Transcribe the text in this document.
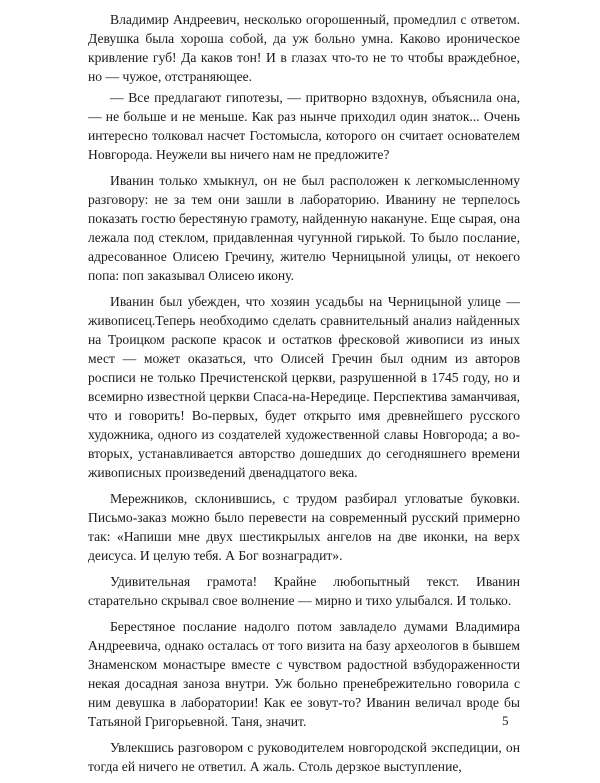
Владимир Андреевич, несколько огорошенный, промедлил с ответом. Девушка была хороша собой, да уж больно умна. Каково ироническое кривление губ! Да каков тон! И в глазах что-то не то чтобы враждебное, но — чужое, отстраняющее.

— Все предлагают гипотезы, — притворно вздохнув, объяснила она, — не больше и не меньше. Как раз нынче приходил один знаток... Очень интересно толковал насчет Гостомысла, которого он считает основателем Новгорода. Неужели вы ничего нам не предложите?

Иванин только хмыкнул, он не был расположен к легкомысленному разговору: не за тем они зашли в лабораторию. Иванину не терпелось показать гостю берестяную грамоту, найденную накануне. Еще сырая, она лежала под стеклом, придавленная чугунной гирькой. То было послание, адресованное Олисею Гречину, жителю Черницыной улицы, от некоего попа: поп заказывал Олисею икону.

Иванин был убежден, что хозяин усадьбы на Черницыной улице — живописец.Теперь необходимо сделать сравнительный анализ найденных на Троицком раскопе красок и остатков фресковой живописи из иных мест — может оказаться, что Олисей Гречин был одним из авторов росписи не только Пречистенской церкви, разрушенной в 1745 году, но и всемирно известной церкви Спаса-на-Нередице. Перспектива заманчивая, что и говорить! Во-первых, будет открыто имя древнейшего русского художника, одного из создателей художественной славы Новгорода; а во-вторых, устанавливается авторство дошедших до сегодняшнего времени живописных произведений двенадцатого века.

Мережников, склонившись, с трудом разбирал угловатые буковки. Письмо-заказ можно было перевести на современный русский примерно так: «Напиши мне двух шестикрылых ангелов на две иконки, на верх деисуса. И целую тебя. А Бог вознаградит».

Удивительная грамота! Крайне любопытный текст. Иванин старательно скрывал свое волнение — мирно и тихо улыбался. И только.

Берестяное послание надолго потом завладело думами Владимира Андреевича, однако осталась от того визита на базу археологов в бывшем Знаменском монастыре вместе с чувством радостной взбудораженности некая досадная заноза внутри. Уж больно пренебрежительно говорила с ним девушка в лаборатории! Как ее зовут-то? Иванин величал вроде бы Татьяной Григорьевной. Таня, значит.

Увлекшись разговором с руководителем новгородской экспедиции, он тогда ей ничего не ответил. А жаль. Столь дерзкое выступление,

5
